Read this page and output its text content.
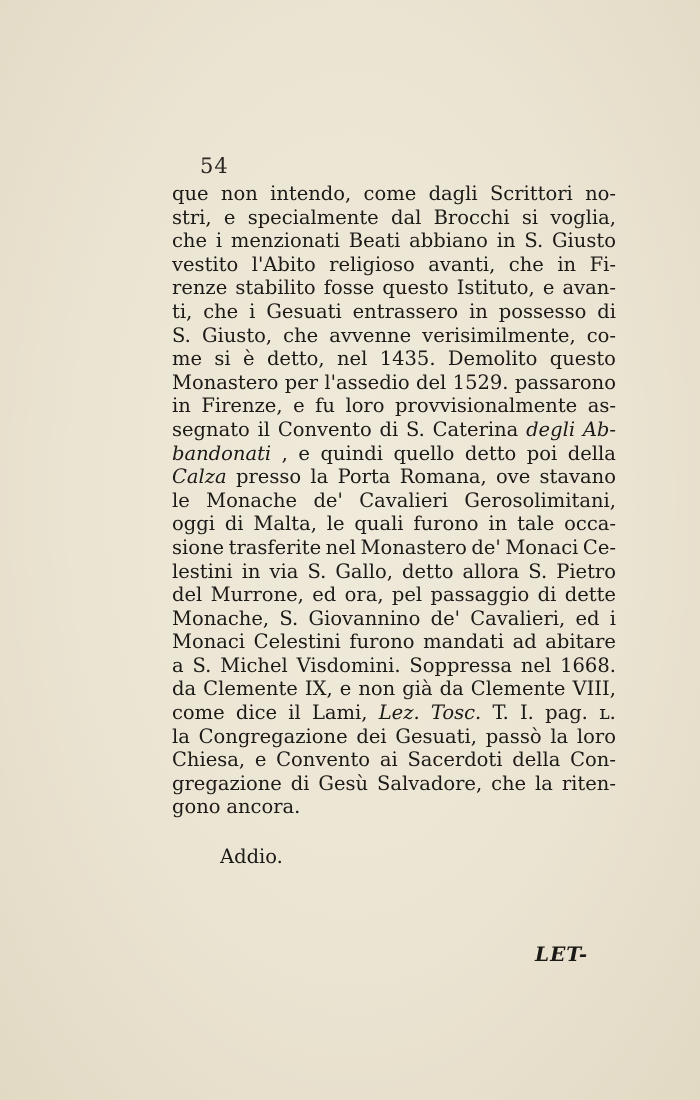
54
que non intendo, come dagli Scrittori no-
stri, e specialmente dal Brocchi si voglia,
che i menzionati Beati abbiano in S. Giusto
vestito l'Abito religioso avanti, che in Fi-
renze stabilito fosse questo Istituto, e avan-
ti, che i Gesuati entrassero in possesso di
S. Giusto, che avvenne verisimilmente, co-
me si è detto, nel 1435. Demolito questo
Monastero per l'assedio del 1529. passarono
in Firenze, e fu loro provvisionalmente as-
segnato il Convento di S. Caterina degli Ab-
bandonati , e quindi quello detto poi della
Calza presso la Porta Romana, ove stavano
le Monache de' Cavalieri Gerosolimitani,
oggi di Malta, le quali furono in tale occa-
sione trasferite nel Monastero de' Monaci Ce-
lestini in via S. Gallo, detto allora S. Pietro
del Murrone, ed ora, pel passaggio di dette
Monache, S. Giovannino de' Cavalieri, ed i
Monaci Celestini furono mandati ad abitare
a S. Michel Visdomini. Soppressa nel 1668.
da Clemente IX, e non già da Clemente VIII,
come dice il Lami, Lez. Tosc. T. I. pag. ʟ.
la Congregazione dei Gesuati, passò la loro
Chiesa, e Convento ai Sacerdoti della Con-
gregazione di Gesù Salvadore, che la riten-
gono ancora.
Addio.
LET-
